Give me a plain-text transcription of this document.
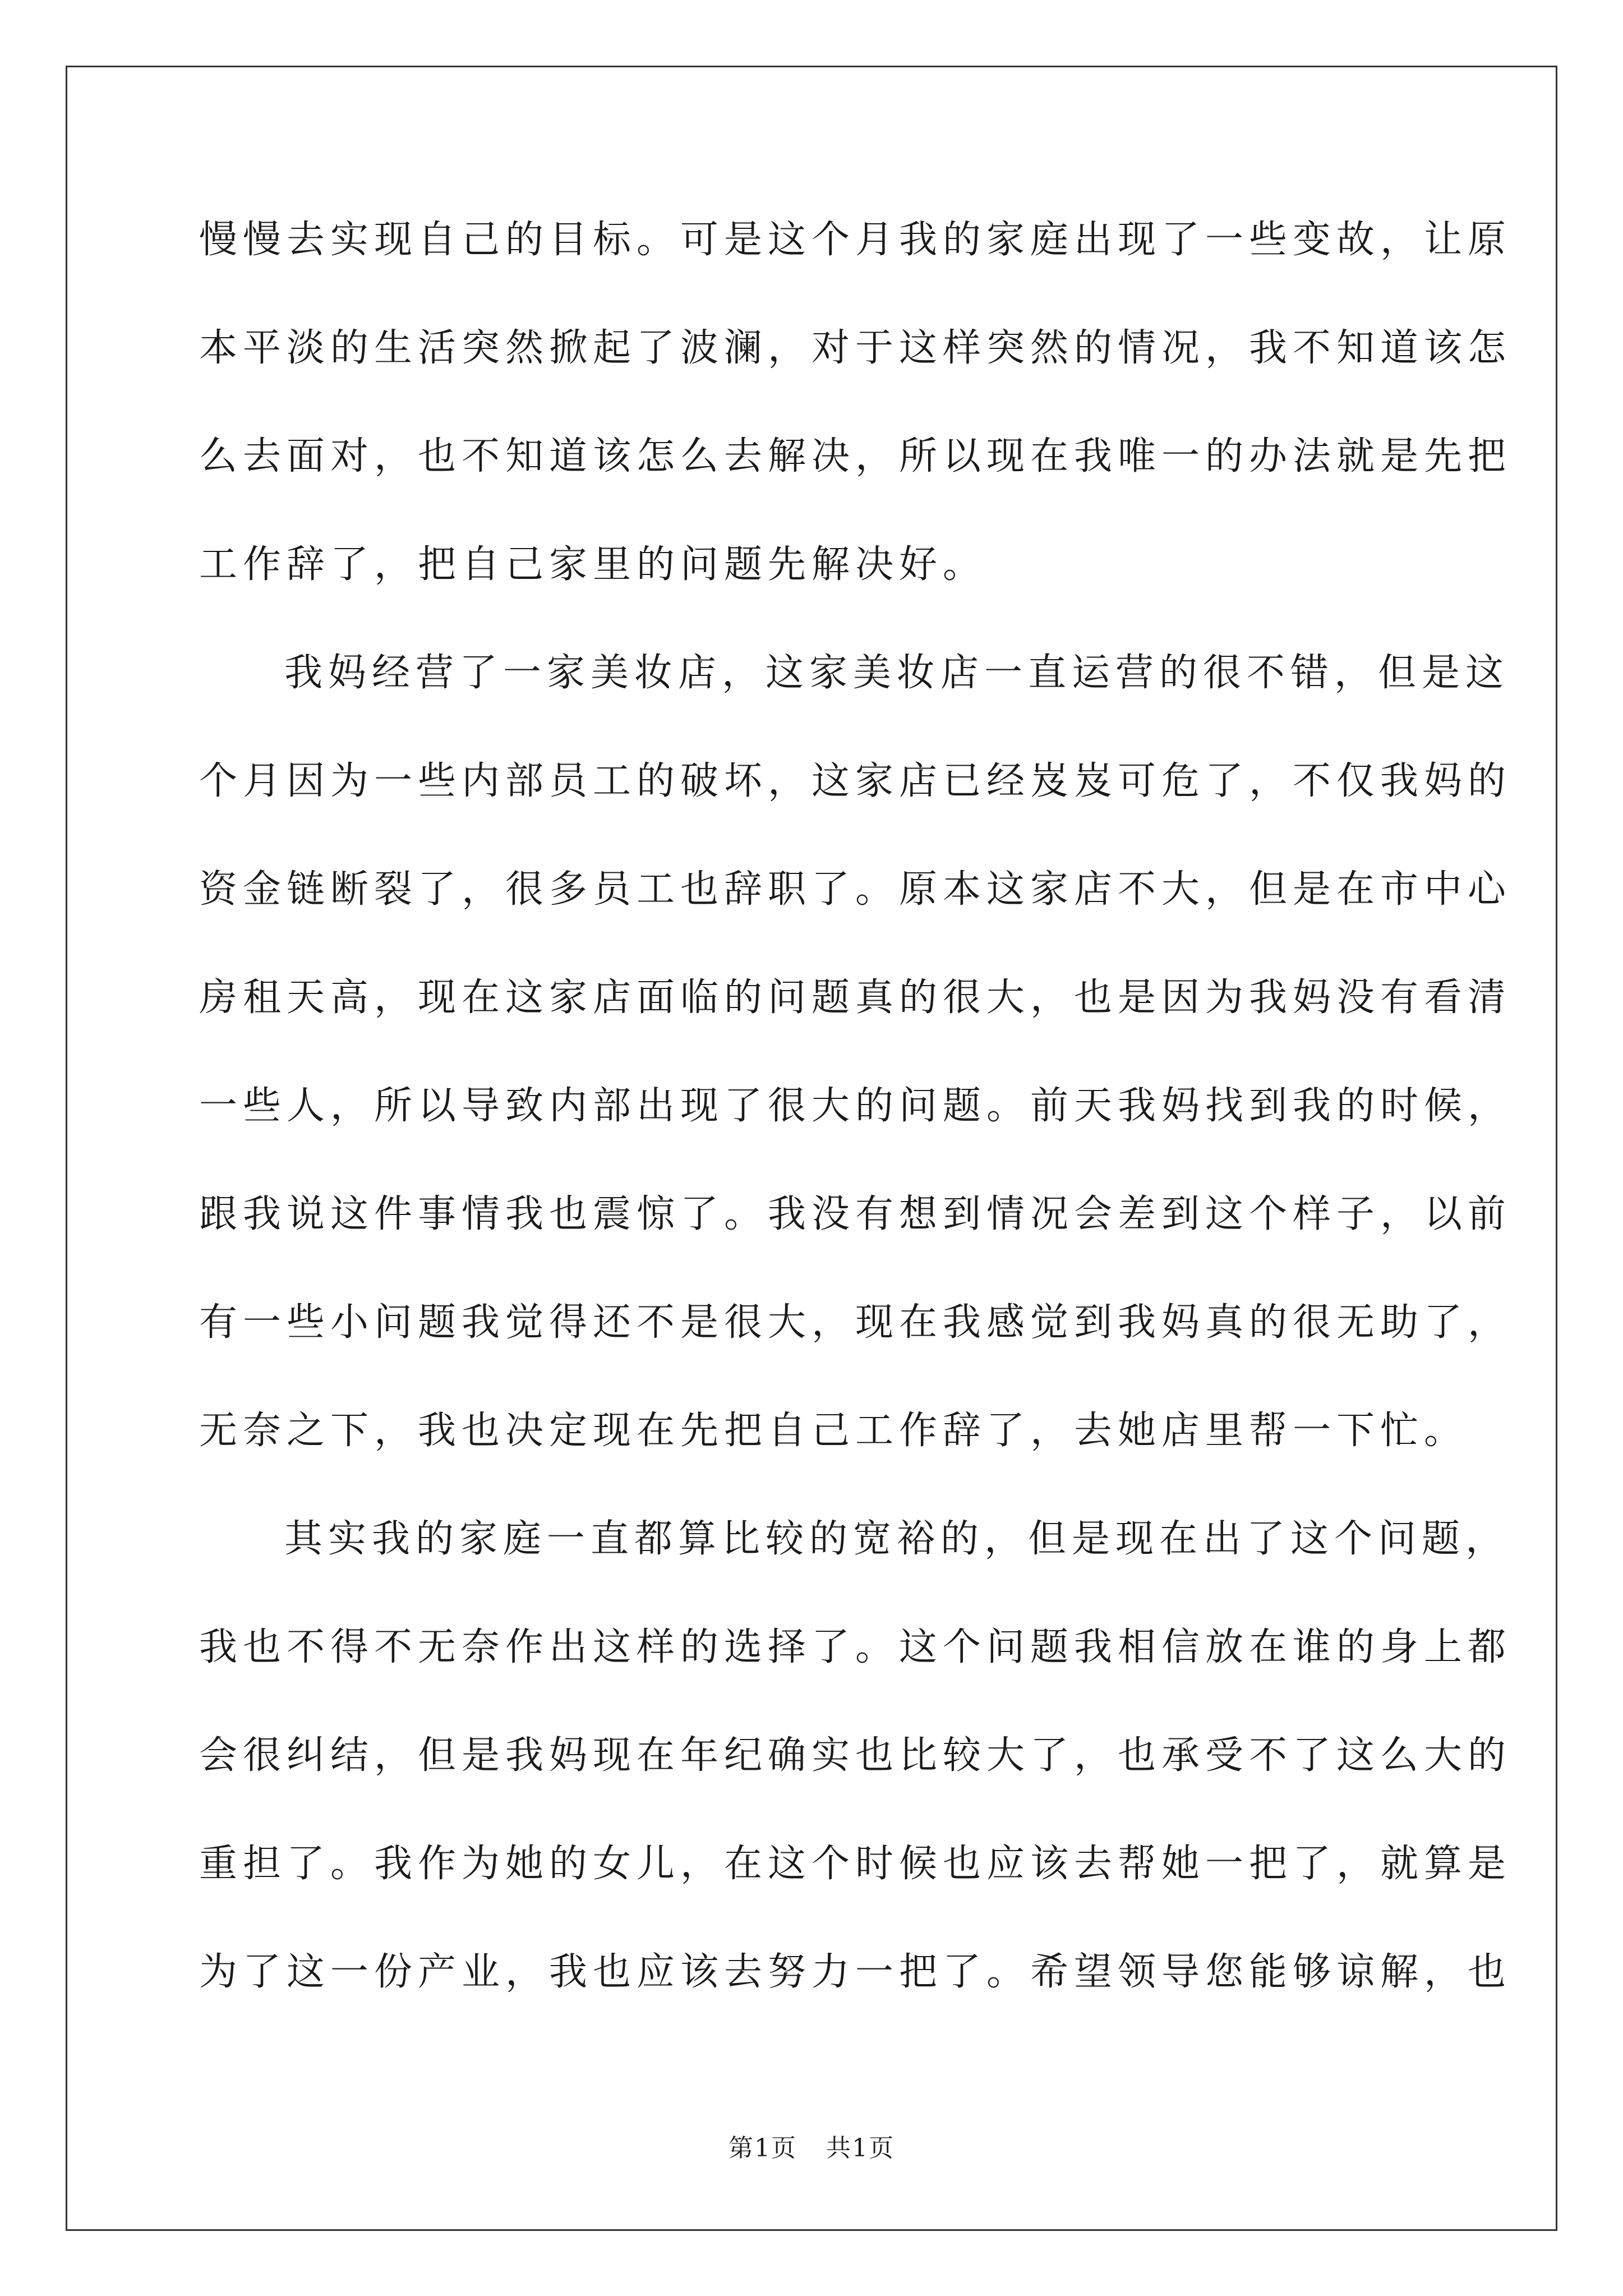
慢慢去实现自己的目标。可是这个月我的家庭出现了一些变故，让原
本平淡的生活突然掀起了波澜，对于这样突然的情况，我不知道该怎
么去面对，也不知道该怎么去解决，所以现在我唯一的办法就是先把
工作辞了，把自己家里的问题先解决好。
我妈经营了一家美妆店，这家美妆店一直运营的很不错，但是这
个月因为一些内部员工的破坏，这家店已经岌岌可危了，不仅我妈的
资金链断裂了，很多员工也辞职了。原本这家店不大，但是在市中心
房租天高，现在这家店面临的问题真的很大，也是因为我妈没有看清
一些人，所以导致内部出现了很大的问题。前天我妈找到我的时候，
跟我说这件事情我也震惊了。我没有想到情况会差到这个样子，以前
有一些小问题我觉得还不是很大，现在我感觉到我妈真的很无助了，
无奈之下，我也决定现在先把自己工作辞了，去她店里帮一下忙。
其实我的家庭一直都算比较的宽裕的，但是现在出了这个问题，
我也不得不无奈作出这样的选择了。这个问题我相信放在谁的身上都
会很纠结，但是我妈现在年纪确实也比较大了，也承受不了这么大的
重担了。我作为她的女儿，在这个时候也应该去帮她一把了，就算是
为了这一份产业，我也应该去努力一把了。希望领导您能够谅解，也
第1页 共1页
